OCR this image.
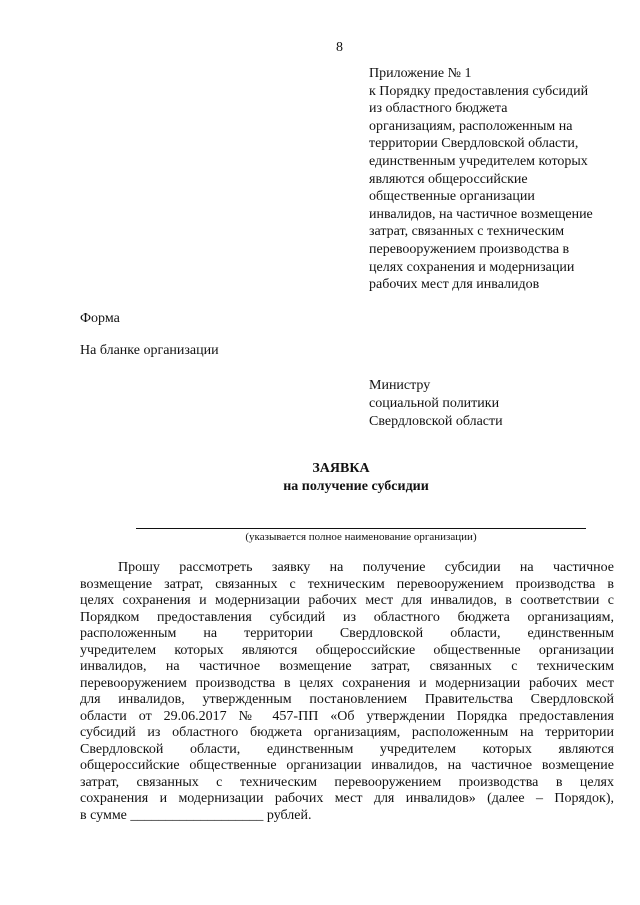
8
Приложение № 1
к Порядку предоставления субсидий
из областного бюджета
организациям, расположенным на
территории Свердловской области,
единственным учредителем которых
являются общероссийские
общественные организации
инвалидов, на частичное возмещение
затрат, связанных с техническим
перевооружением производства в
целях сохранения и модернизации
рабочих мест для инвалидов
Форма
На бланке организации
Министру
социальной политики
Свердловской области
ЗАЯВКА
на получение субсидии
(указывается полное наименование организации)
Прошу рассмотреть заявку на получение субсидии на частичное
возмещение затрат, связанных с техническим перевооружением производства в
целях сохранения и модернизации рабочих мест для инвалидов, в соответствии с
Порядком предоставления субсидий из областного бюджета организациям,
расположенным на территории Свердловской области, единственным
учредителем которых являются общероссийские общественные организации
инвалидов, на частичное возмещение затрат, связанных с техническим
перевооружением производства в целях сохранения и модернизации рабочих мест
для инвалидов, утвержденным постановлением Правительства Свердловской
области от 29.06.2017 № 457-ПП «Об утверждении Порядка предоставления
субсидий из областного бюджета организациям, расположенным на территории
Свердловской области, единственным учредителем которых являются
общероссийские общественные организации инвалидов, на частичное возмещение
затрат, связанных с техническим перевооружением производства в целях
сохранения и модернизации рабочих мест для инвалидов» (далее – Порядок),
в сумме ___________________ рублей.
